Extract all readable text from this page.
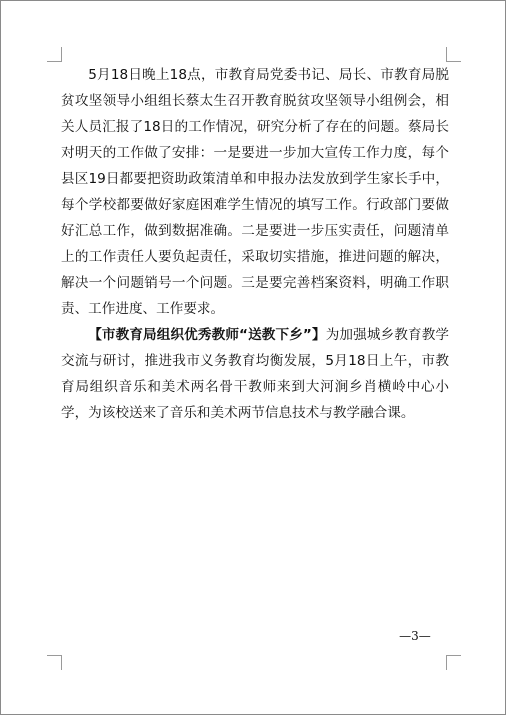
5月18日晚上18点，市教育局党委书记、局长、市教育局脱贫攻坚领导小组组长蔡太生召开教育脱贫攻坚领导小组例会，相关人员汇报了18日的工作情况，研究分析了存在的问题。蔡局长对明天的工作做了安排：一是要进一步加大宣传工作力度，每个县区19日都要把资助政策清单和申报办法发放到学生家长手中，每个学校都要做好家庭困难学生情况的填写工作。行政部门要做好汇总工作，做到数据准确。二是要进一步压实责任，问题清单上的工作责任人要负起责任，采取切实措施，推进问题的解决，解决一个问题销号一个问题。三是要完善档案资料，明确工作职责、工作进度、工作要求。

【市教育局组织优秀教师“送教下乡”】为加强城乡教育教学交流与研讨，推进我市义务教育均衡发展，5月18日上午，市教育局组织音乐和美术两名骨干教师来到大河涧乡肖横岭中心小学，为该校送来了音乐和美术两节信息技术与教学融合课。

—3—
